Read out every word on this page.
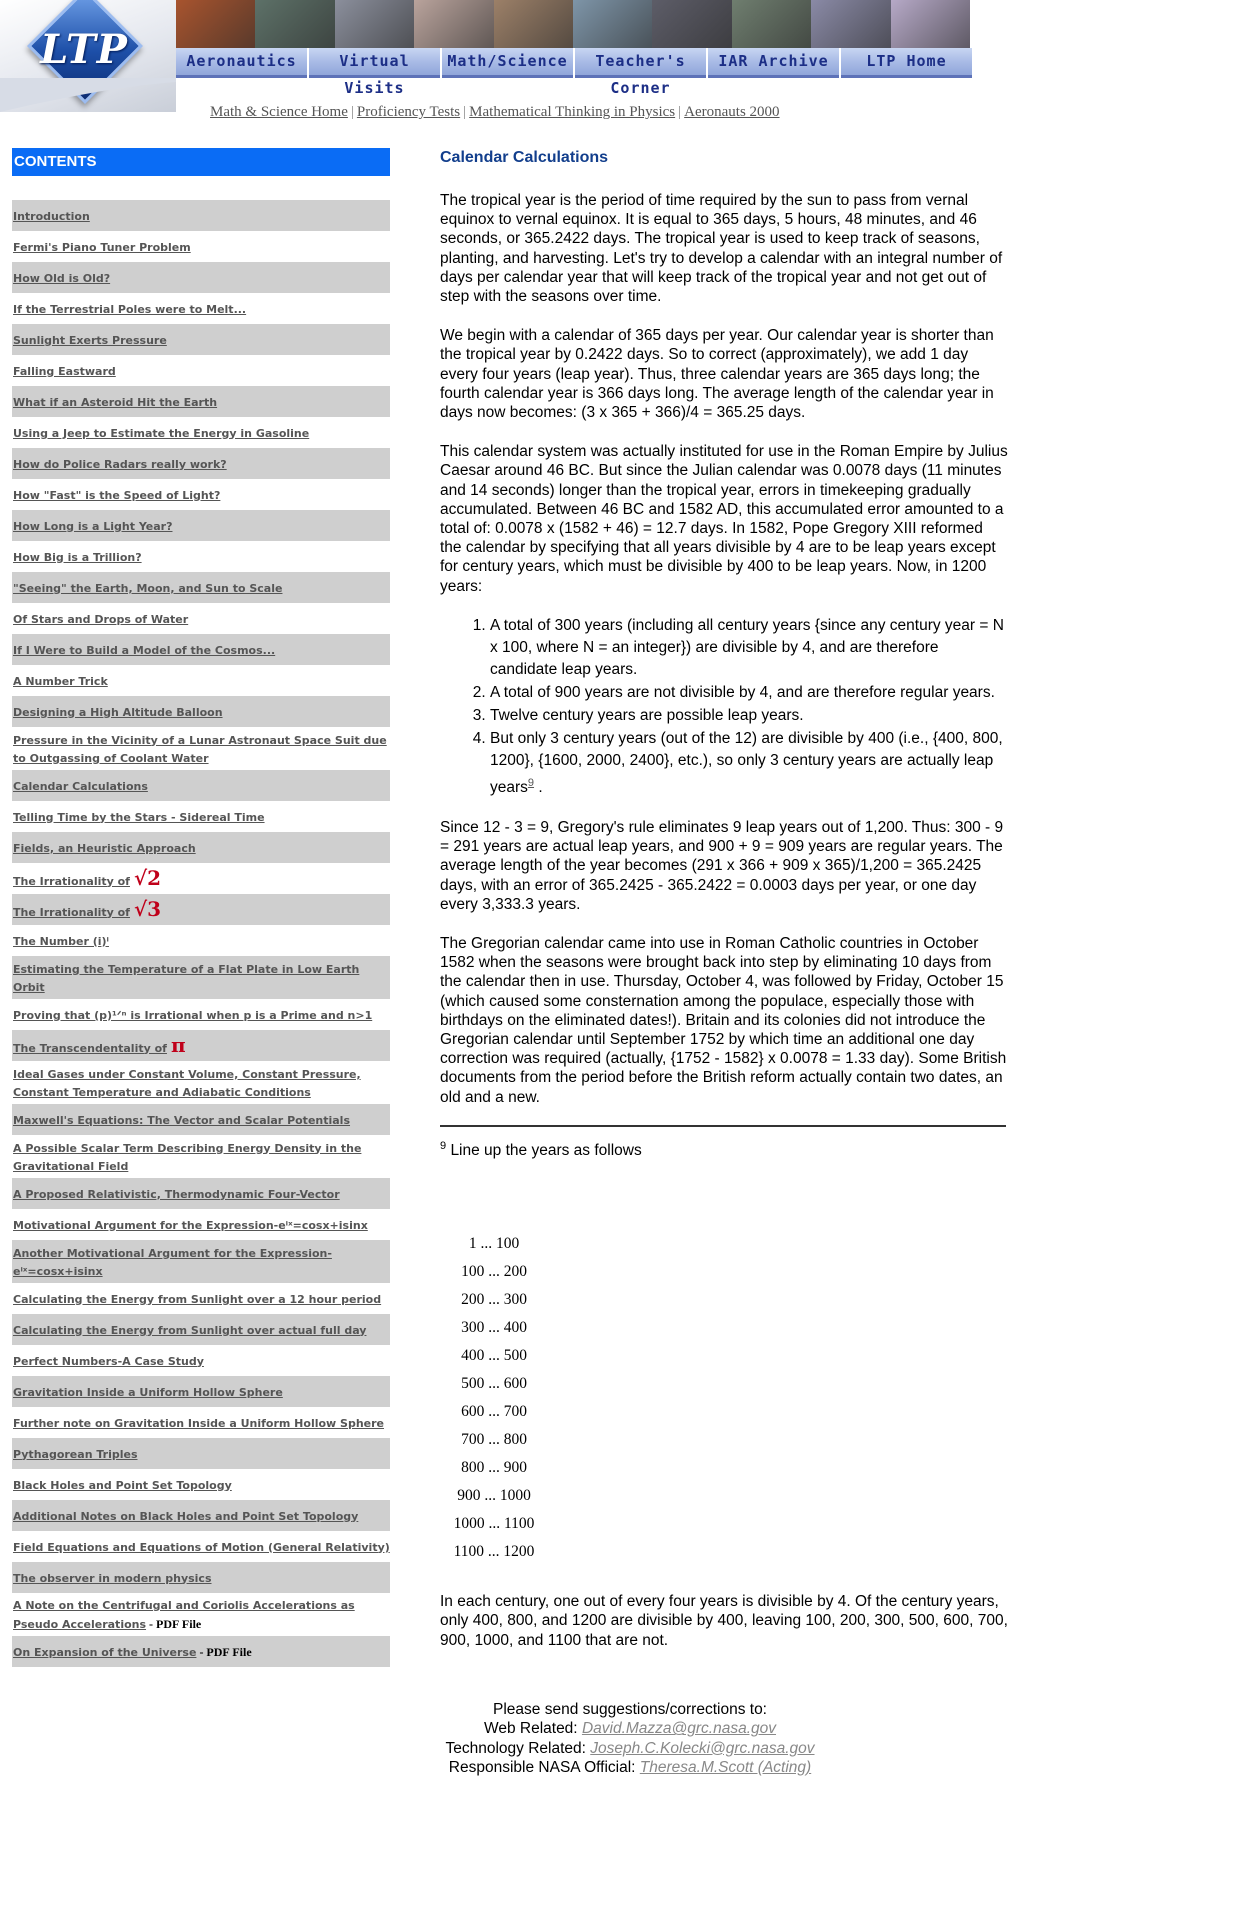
LTP	Aeronautics	Virtual Visits
Math/Science	Teacher's Corner
IAR Archive	LTP Home
Math & Science Home | Proficiency Tests | Mathematical Thinking in Physics | Aeronauts 2000
CONTENTS
Introduction
Fermi's Piano Tuner Problem
How Old is Old?
If the Terrestrial Poles were to Melt...
Sunlight Exerts Pressure
Falling Eastward
What if an Asteroid Hit the Earth
Using a Jeep to Estimate the Energy in Gasoline
How do Police Radars really work?
How "Fast" is the Speed of Light?
How Long is a Light Year?
How Big is a Trillion?
"Seeing" the Earth, Moon, and Sun to Scale
Of Stars and Drops of Water
If I Were to Build a Model of the Cosmos...
A Number Trick
Designing a High Altitude Balloon
Pressure in the Vicinity of a Lunar Astronaut Space Suit due to Outgassing of Coolant Water
Calendar Calculations
Telling Time by the Stars - Sidereal Time
Fields, an Heuristic Approach
The Irrationality of √2
The Irrationality of √3
The Number (i)ⁱ
Estimating the Temperature of a Flat Plate in Low Earth Orbit
Proving that (p)¹ᐟⁿ is Irrational when p is a Prime and n>1
The Transcendentality of π
Ideal Gases under Constant Volume, Constant Pressure, Constant Temperature and Adiabatic Conditions
Maxwell's Equations: The Vector and Scalar Potentials
A Possible Scalar Term Describing Energy Density in the Gravitational Field
A Proposed Relativistic, Thermodynamic Four-Vector
Motivational Argument for the Expression-eⁱˣ=cosx+isinx
Another Motivational Argument for the Expression-eⁱˣ=cosx+isinx
Calculating the Energy from Sunlight over a 12 hour period
Calculating the Energy from Sunlight over actual full day
Perfect Numbers-A Case Study
Gravitation Inside a Uniform Hollow Sphere
Further note on Gravitation Inside a Uniform Hollow Sphere
Pythagorean Triples
Black Holes and Point Set Topology
Additional Notes on Black Holes and Point Set Topology
Field Equations and Equations of Motion (General Relativity)
The observer in modern physics
A Note on the Centrifugal and Coriolis Accelerations as Pseudo Accelerations - PDF File
On Expansion of the Universe - PDF File
Calendar Calculations

The tropical year is the period of time required by the sun to pass from vernal equinox to vernal equinox. It is equal to 365 days, 5 hours, 48 minutes, and 46 seconds, or 365.2422 days. The tropical year is used to keep track of seasons, planting, and harvesting. Let's try to develop a calendar with an integral number of days per calendar year that will keep track of the tropical year and not get out of step with the seasons over time.

We begin with a calendar of 365 days per year. Our calendar year is shorter than the tropical year by 0.2422 days. So to correct (approximately), we add 1 day every four years (leap year). Thus, three calendar years are 365 days long; the fourth calendar year is 366 days long. The average length of the calendar year in days now becomes: (3 x 365 + 366)/4 = 365.25 days.

This calendar system was actually instituted for use in the Roman Empire by Julius Caesar around 46 BC. But since the Julian calendar was 0.0078 days (11 minutes and 14 seconds) longer than the tropical year, errors in timekeeping gradually accumulated. Between 46 BC and 1582 AD, this accumulated error amounted to a total of: 0.0078 x (1582 + 46) = 12.7 days. In 1582, Pope Gregory XIII reformed the calendar by specifying that all years divisible by 4 are to be leap years except for century years, which must be divisible by 400 to be leap years. Now, in 1200 years:

1. A total of 300 years (including all century years {since any century year = N x 100, where N = an integer}) are divisible by 4, and are therefore candidate leap years.
2. A total of 900 years are not divisible by 4, and are therefore regular years.
3. Twelve century years are possible leap years.
4. But only 3 century years (out of the 12) are divisible by 400 (i.e., {400, 800, 1200}, {1600, 2000, 2400}, etc.), so only 3 century years are actually leap years$^9$ .

Since 12 - 3 = 9, Gregory's rule eliminates 9 leap years out of 1,200. Thus: 300 - 9 = 291 years are actual leap years, and 900 + 9 = 909 years are regular years. The average length of the year becomes (291 x 366 + 909 x 365)/1,200 = 365.2425 days, with an error of 365.2425 - 365.2422 = 0.0003 days per year, or one day every 3,333.3 years.

The Gregorian calendar came into use in Roman Catholic countries in October 1582 when the seasons were brought back into step by eliminating 10 days from the calendar then in use. Thursday, October 4, was followed by Friday, October 15 (which caused some consternation among the populace, especially those with birthdays on the eliminated dates!). Britain and its colonies did not introduce the Gregorian calendar until September 1752 by which time an additional one day correction was required (actually, {1752 - 1582} x 0.0078 = 1.33 day). Some British documents from the period before the British reform actually contain two dates, an old and a new.

$^9$ Line up the years as follows

1 ... 100
100 ... 200
200 ... 300
300 ... 400
400 ... 500
500 ... 600
600 ... 700
700 ... 800
800 ... 900
900 ... 1000
1000 ... 1100
1100 ... 1200

In each century, one out of every four years is divisible by 4. Of the century years, only 400, 800, and 1200 are divisible by 400, leaving 100, 200, 300, 500, 600, 700, 900, 1000, and 1100 that are not.

Please send suggestions/corrections to:
Web Related: David.Mazza@grc.nasa.gov
Technology Related: Joseph.C.Kolecki@grc.nasa.gov
Responsible NASA Official: Theresa.M.Scott (Acting)
